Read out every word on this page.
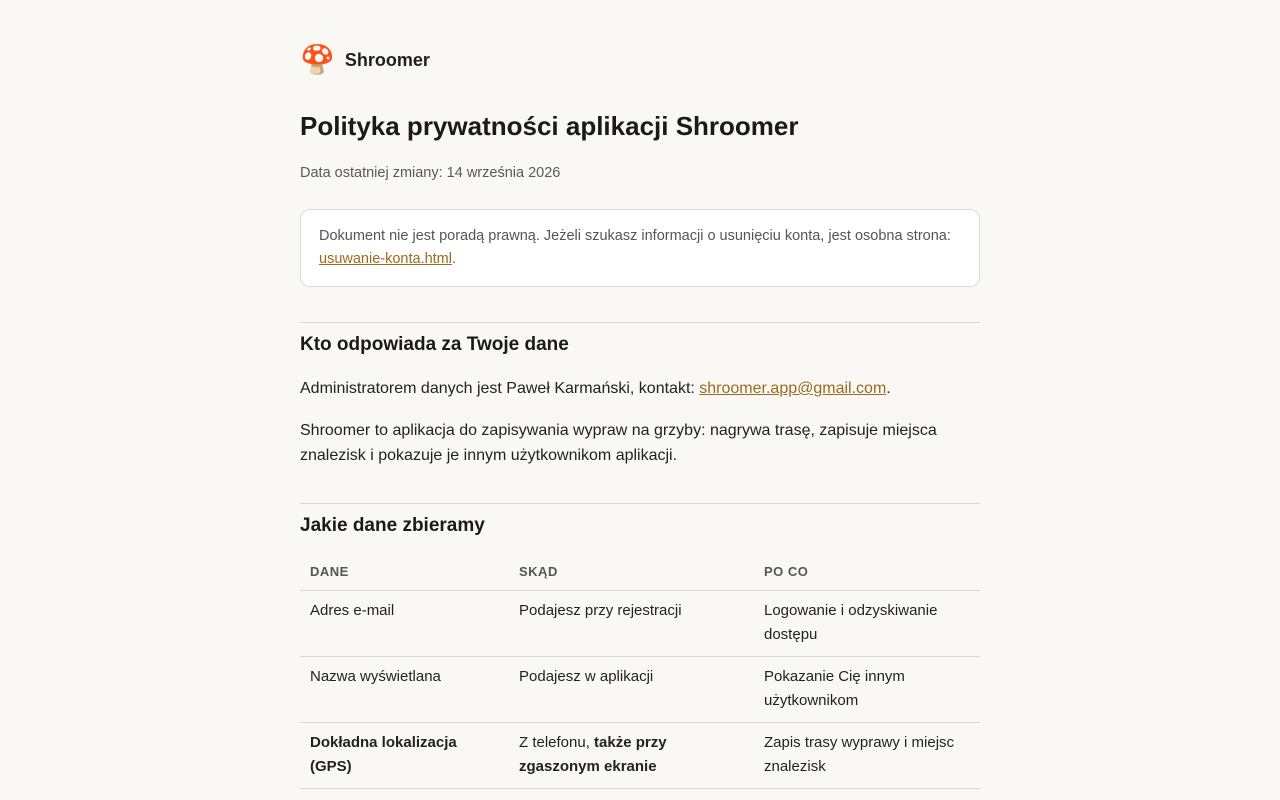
🍄 Shroomer
Polityka prywatności aplikacji Shroomer
Data ostatniej zmiany: 14 września 2026
Dokument nie jest poradą prawną. Jeżeli szukasz informacji o usunięciu konta, jest osobna strona: usuwanie-konta.html.
Kto odpowiada za Twoje dane

Administratorem danych jest Paweł Karmański, kontakt: shroomer.app@gmail.com.

Shroomer to aplikacja do zapisywania wypraw na grzyby: nagrywa trasę, zapisuje miejsca znalezisk i pokazuje je innym użytkownikom aplikacji.

Jakie dane zbieramy
DANE	SKĄD	PO CO
Adres e-mail	Podajesz przy rejestracji	Logowanie i odzyskiwanie dostępu
Nazwa wyświetlana	Podajesz w aplikacji	Pokazanie Cię innym użytkownikom
Dokładna lokalizacja (GPS)	Z telefonu, także przy zgaszonym ekranie	Zapis trasy wyprawy i miejsc znalezisk
